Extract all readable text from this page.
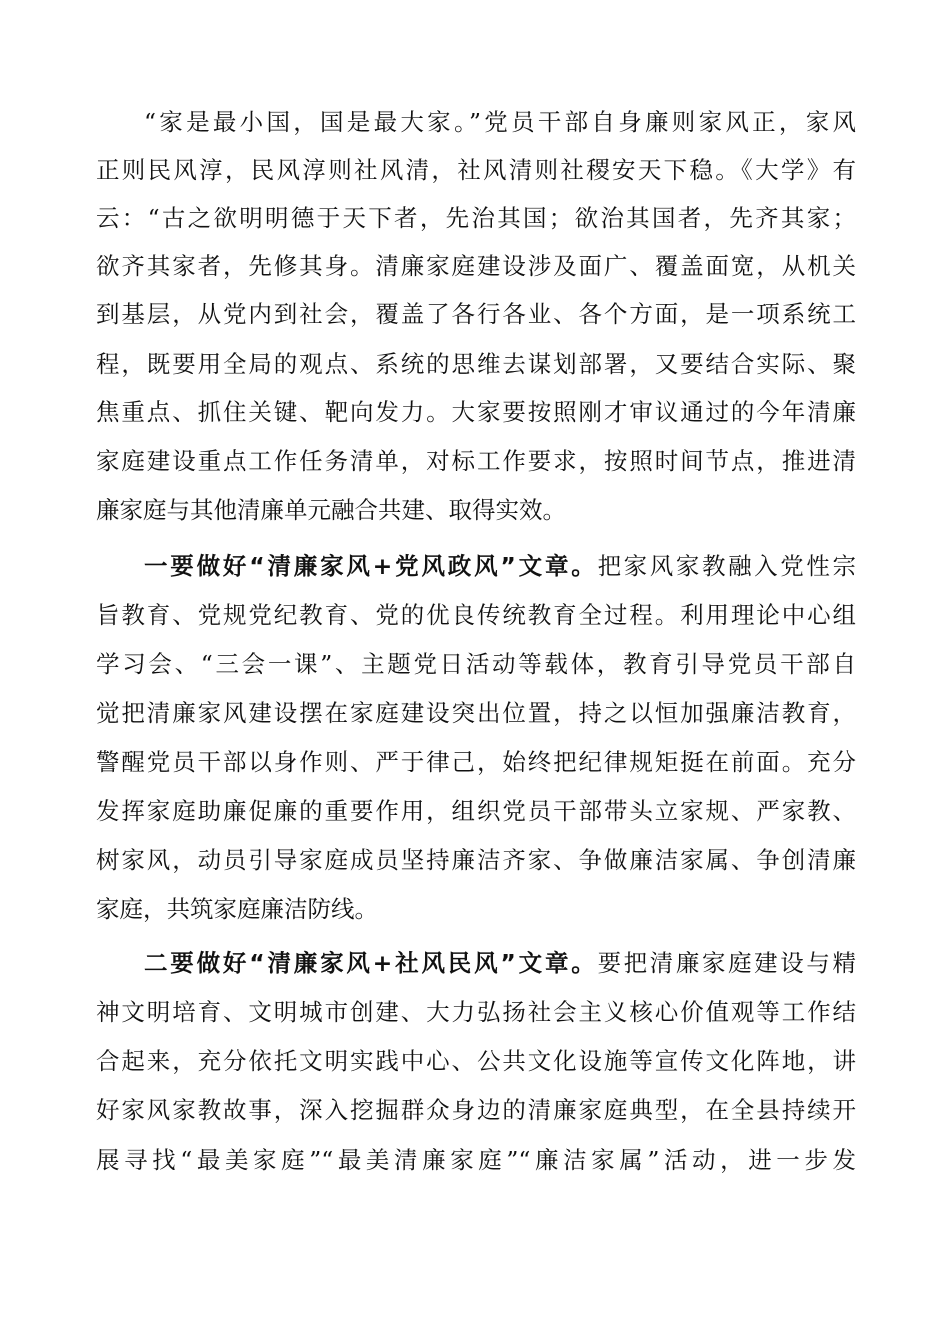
“家是最小国，国是最大家。”党员干部自身廉则家风正，家风
正则民风淳，民风淳则社风清，社风清则社稷安天下稳。《大学》有
云：“古之欲明明德于天下者，先治其国；欲治其国者，先齐其家；
欲齐其家者，先修其身。清廉家庭建设涉及面广、覆盖面宽，从机关
到基层，从党内到社会，覆盖了各行各业、各个方面，是一项系统工
程，既要用全局的观点、系统的思维去谋划部署，又要结合实际、聚
焦重点、抓住关键、靶向发力。大家要按照刚才审议通过的今年清廉
家庭建设重点工作任务清单，对标工作要求，按照时间节点，推进清
廉家庭与其他清廉单元融合共建、取得实效。
一要做好“清廉家风+党风政风”文章。把家风家教融入党性宗
旨教育、党规党纪教育、党的优良传统教育全过程。利用理论中心组
学习会、“三会一课”、主题党日活动等载体，教育引导党员干部自
觉把清廉家风建设摆在家庭建设突出位置，持之以恒加强廉洁教育，
警醒党员干部以身作则、严于律己，始终把纪律规矩挺在前面。充分
发挥家庭助廉促廉的重要作用，组织党员干部带头立家规、严家教、
树家风，动员引导家庭成员坚持廉洁齐家、争做廉洁家属、争创清廉
家庭，共筑家庭廉洁防线。
二要做好“清廉家风+社风民风”文章。要把清廉家庭建设与精
神文明培育、文明城市创建、大力弘扬社会主义核心价值观等工作结
合起来，充分依托文明实践中心、公共文化设施等宣传文化阵地，讲
好家风家教故事，深入挖掘群众身边的清廉家庭典型，在全县持续开
展寻找“最美家庭”“最美清廉家庭”“廉洁家属”活动，进一步发
